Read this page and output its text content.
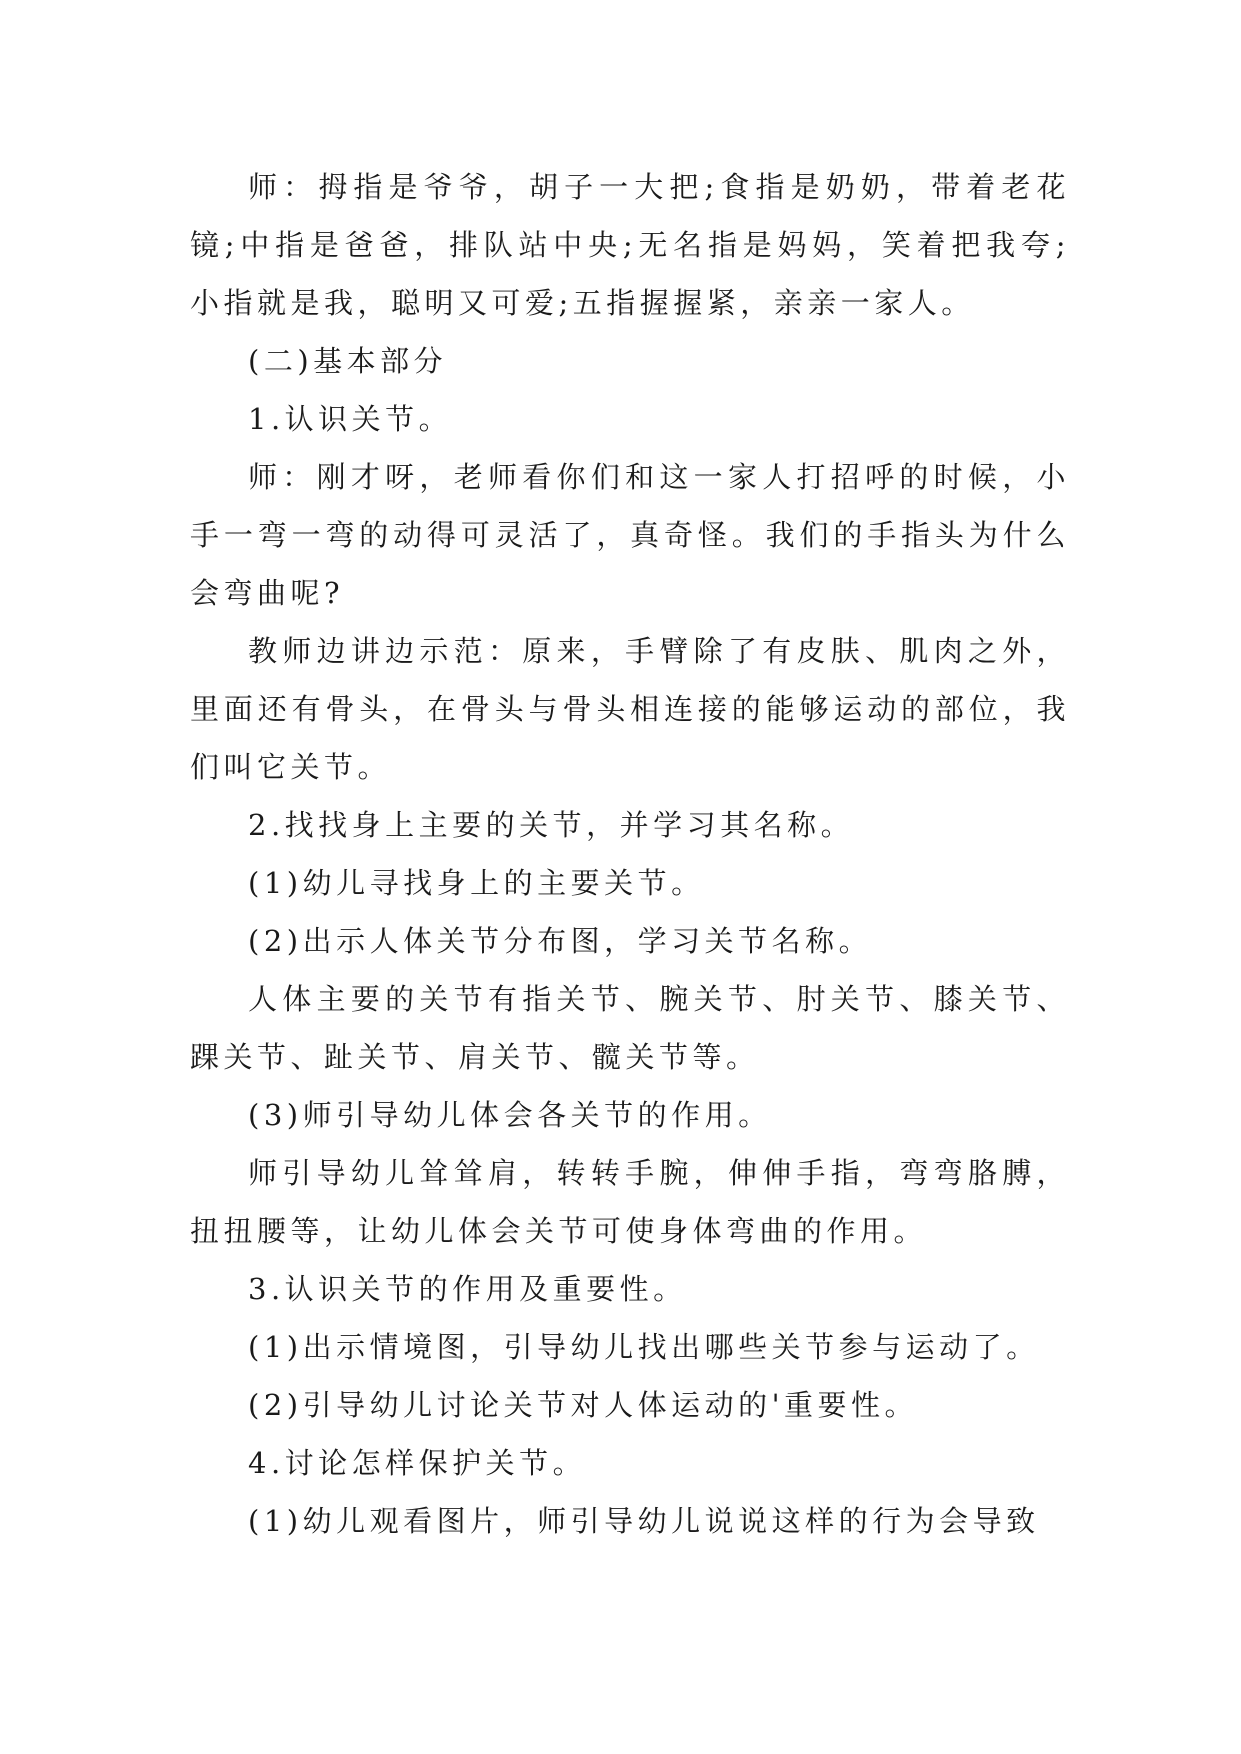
师：拇指是爷爷，胡子一大把;食指是奶奶，带着老花镜;中指是爸爸，排队站中央;无名指是妈妈，笑着把我夸;小指就是我，聪明又可爱;五指握握紧，亲亲一家人。

(二)基本部分

1.认识关节。

师：刚才呀，老师看你们和这一家人打招呼的时候，小手一弯一弯的动得可灵活了，真奇怪。我们的手指头为什么会弯曲呢?

教师边讲边示范：原来，手臂除了有皮肤、肌肉之外，里面还有骨头，在骨头与骨头相连接的能够运动的部位，我们叫它关节。

2.找找身上主要的关节，并学习其名称。

(1)幼儿寻找身上的主要关节。

(2)出示人体关节分布图，学习关节名称。

人体主要的关节有指关节、腕关节、肘关节、膝关节、踝关节、趾关节、肩关节、髋关节等。

(3)师引导幼儿体会各关节的作用。

师引导幼儿耸耸肩，转转手腕，伸伸手指，弯弯胳膊，扭扭腰等，让幼儿体会关节可使身体弯曲的作用。

3.认识关节的作用及重要性。

(1)出示情境图，引导幼儿找出哪些关节参与运动了。

(2)引导幼儿讨论关节对人体运动的'重要性。

4.讨论怎样保护关节。

(1)幼儿观看图片，师引导幼儿说说这样的行为会导致
